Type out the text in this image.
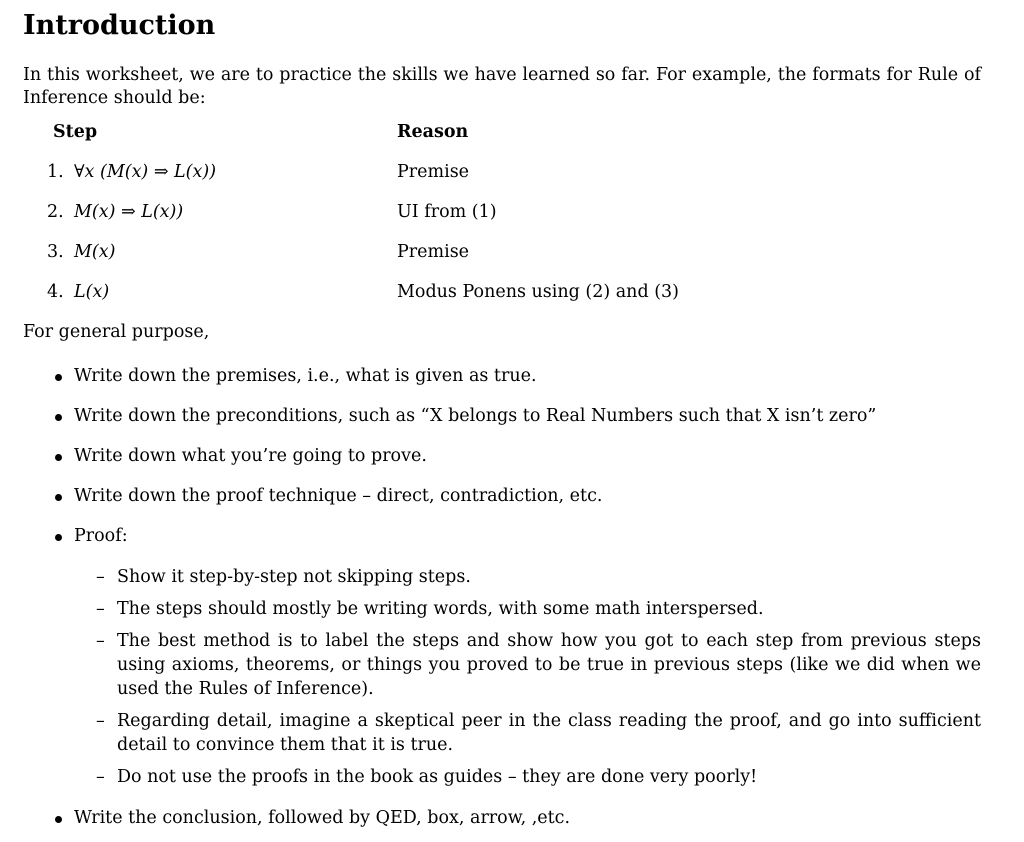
Introduction

In this worksheet, we are to practice the skills we have learned so far. For example, the formats for Rule of Inference should be:

Step	Reason
1. ∀x (M(x) ⇒ L(x))	Premise
2. M(x) ⇒ L(x))	UI from (1)
3. M(x)	Premise
4. L(x)	Modus Ponens using (2) and (3)
For general purpose,
Write down the premises, i.e., what is given as true.
Write down the preconditions, such as “X belongs to Real Numbers such that X isn’t zero”
Write down what you’re going to prove.
Write down the proof technique – direct, contradiction, etc.
Proof:
– Show it step-by-step not skipping steps.

– The steps should mostly be writing words, with some math interspersed.

– The best method is to label the steps and show how you got to each step from previous steps using axioms, theorems, or things you proved to be true in previous steps (like we did when we used the Rules of Inference).

– Regarding detail, imagine a skeptical peer in the class reading the proof, and go into sufficient detail to convince them that it is true.

– Do not use the proofs in the book as guides – they are done very poorly!

Write the conclusion, followed by QED, box, arrow, ,etc.
